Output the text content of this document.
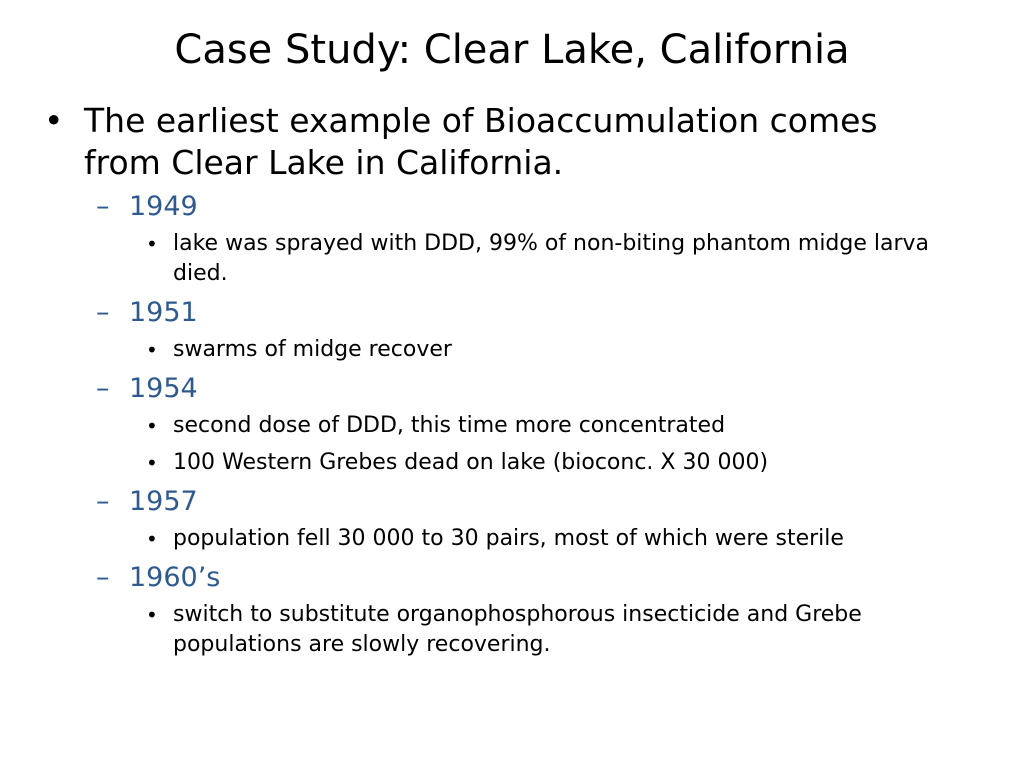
Case Study: Clear Lake, California
• The earliest example of Bioaccumulation comes from Clear Lake in California.
– 1949
• lake was sprayed with DDD, 99% of non-biting phantom midge larva died.
– 1951
• swarms of midge recover
– 1954
• second dose of DDD, this time more concentrated
• 100 Western Grebes dead on lake (bioconc. X 30 000)
– 1957
• population fell 30 000 to 30 pairs, most of which were sterile
– 1960’s
• switch to substitute organophosphorous insecticide and Grebe populations are slowly recovering.
